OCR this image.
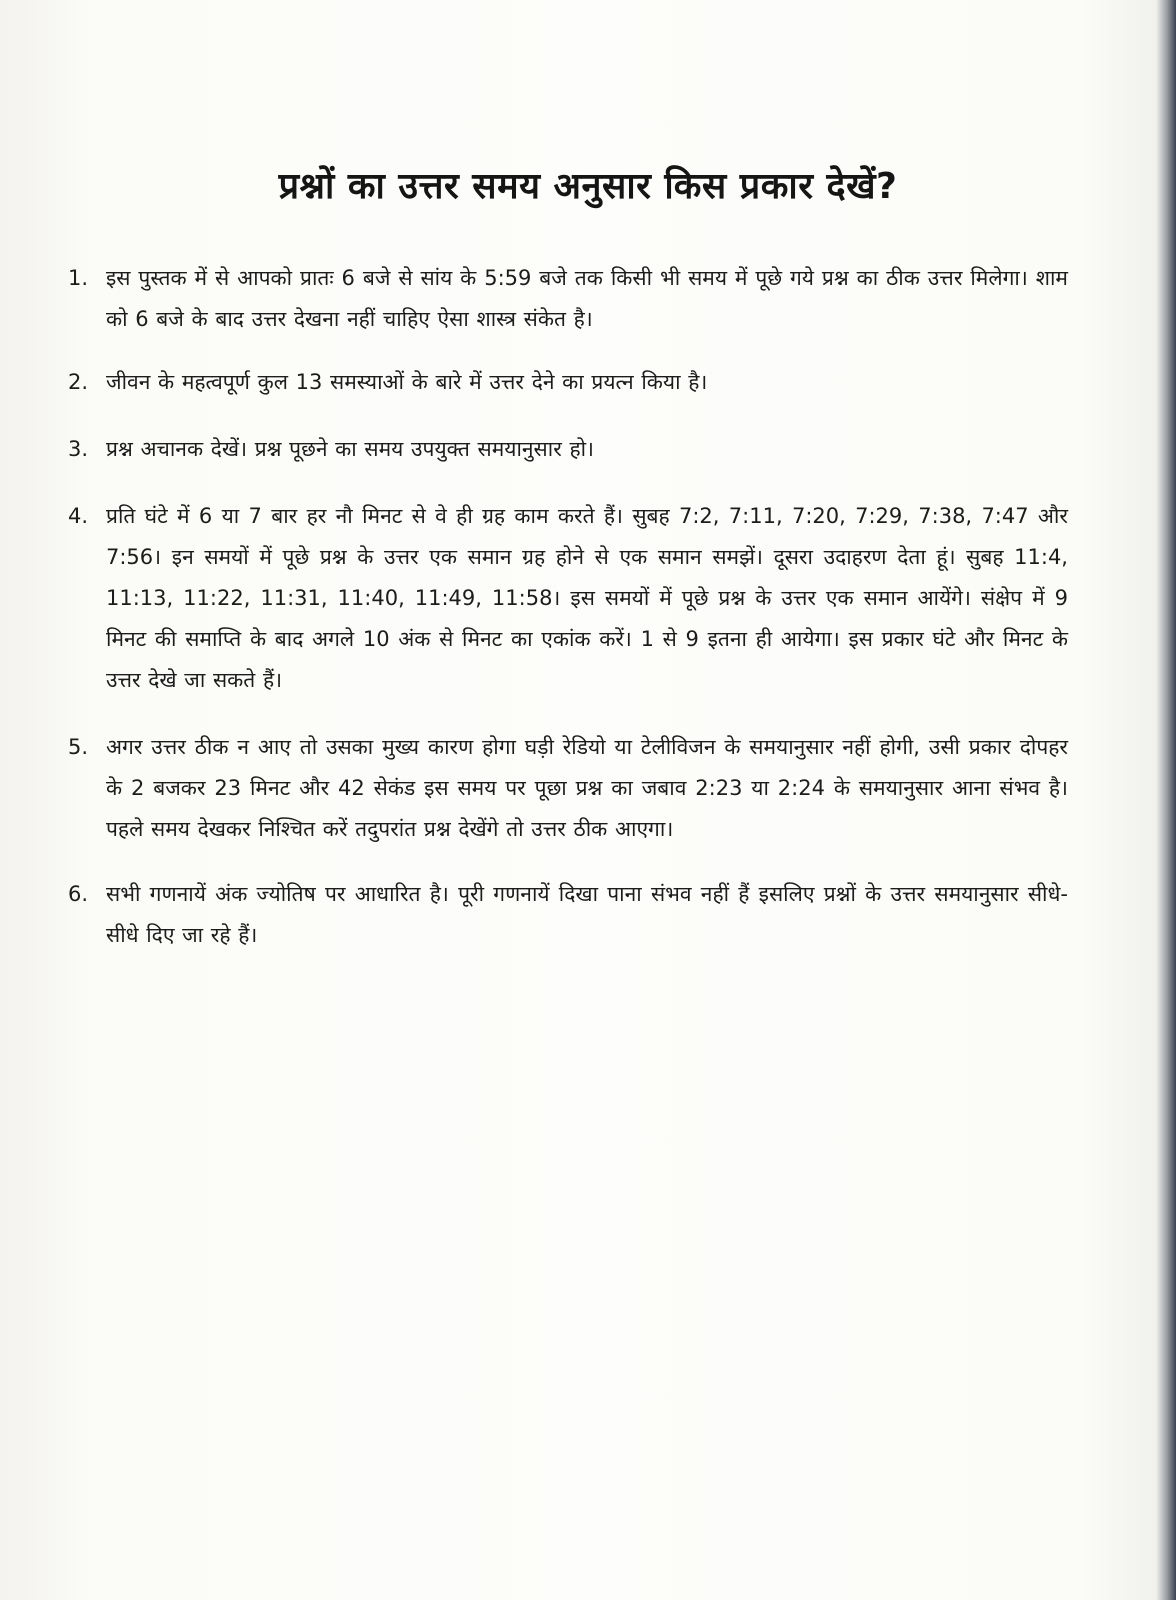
प्रश्नों का उत्तर समय अनुसार किस प्रकार देखें?
1. इस पुस्तक में से आपको प्रातः 6 बजे से सांय के 5:59 बजे तक किसी भी समय में पूछे गये प्रश्न का ठीक उत्तर मिलेगा। शाम को 6 बजे के बाद उत्तर देखना नहीं चाहिए ऐसा शास्त्र संकेत है।
2. जीवन के महत्वपूर्ण कुल 13 समस्याओं के बारे में उत्तर देने का प्रयत्न किया है।
3. प्रश्न अचानक देखें। प्रश्न पूछने का समय उपयुक्त समयानुसार हो।
4. प्रति घंटे में 6 या 7 बार हर नौ मिनट से वे ही ग्रह काम करते हैं। सुबह 7:2, 7:11, 7:20, 7:29, 7:38, 7:47 और 7:56। इन समयों में पूछे प्रश्न के उत्तर एक समान ग्रह होने से एक समान समझें। दूसरा उदाहरण देता हूं। सुबह 11:4, 11:13, 11:22, 11:31, 11:40, 11:49, 11:58। इस समयों में पूछे प्रश्न के उत्तर एक समान आयेंगे। संक्षेप में 9 मिनट की समाप्ति के बाद अगले 10 अंक से मिनट का एकांक करें। 1 से 9 इतना ही आयेगा। इस प्रकार घंटे और मिनट के उत्तर देखे जा सकते हैं।
5. अगर उत्तर ठीक न आए तो उसका मुख्य कारण होगा घड़ी रेडियो या टेलीविजन के समयानुसार नहीं होगी, उसी प्रकार दोपहर के 2 बजकर 23 मिनट और 42 सेकंड इस समय पर पूछा प्रश्न का जबाव 2:23 या 2:24 के समयानुसार आना संभव है। पहले समय देखकर निश्चित करें तदुपरांत प्रश्न देखेंगे तो उत्तर ठीक आएगा।
6. सभी गणनायें अंक ज्योतिष पर आधारित है। पूरी गणनायें दिखा पाना संभव नहीं हैं इसलिए प्रश्नों के उत्तर समयानुसार सीधे-सीधे दिए जा रहे हैं।
